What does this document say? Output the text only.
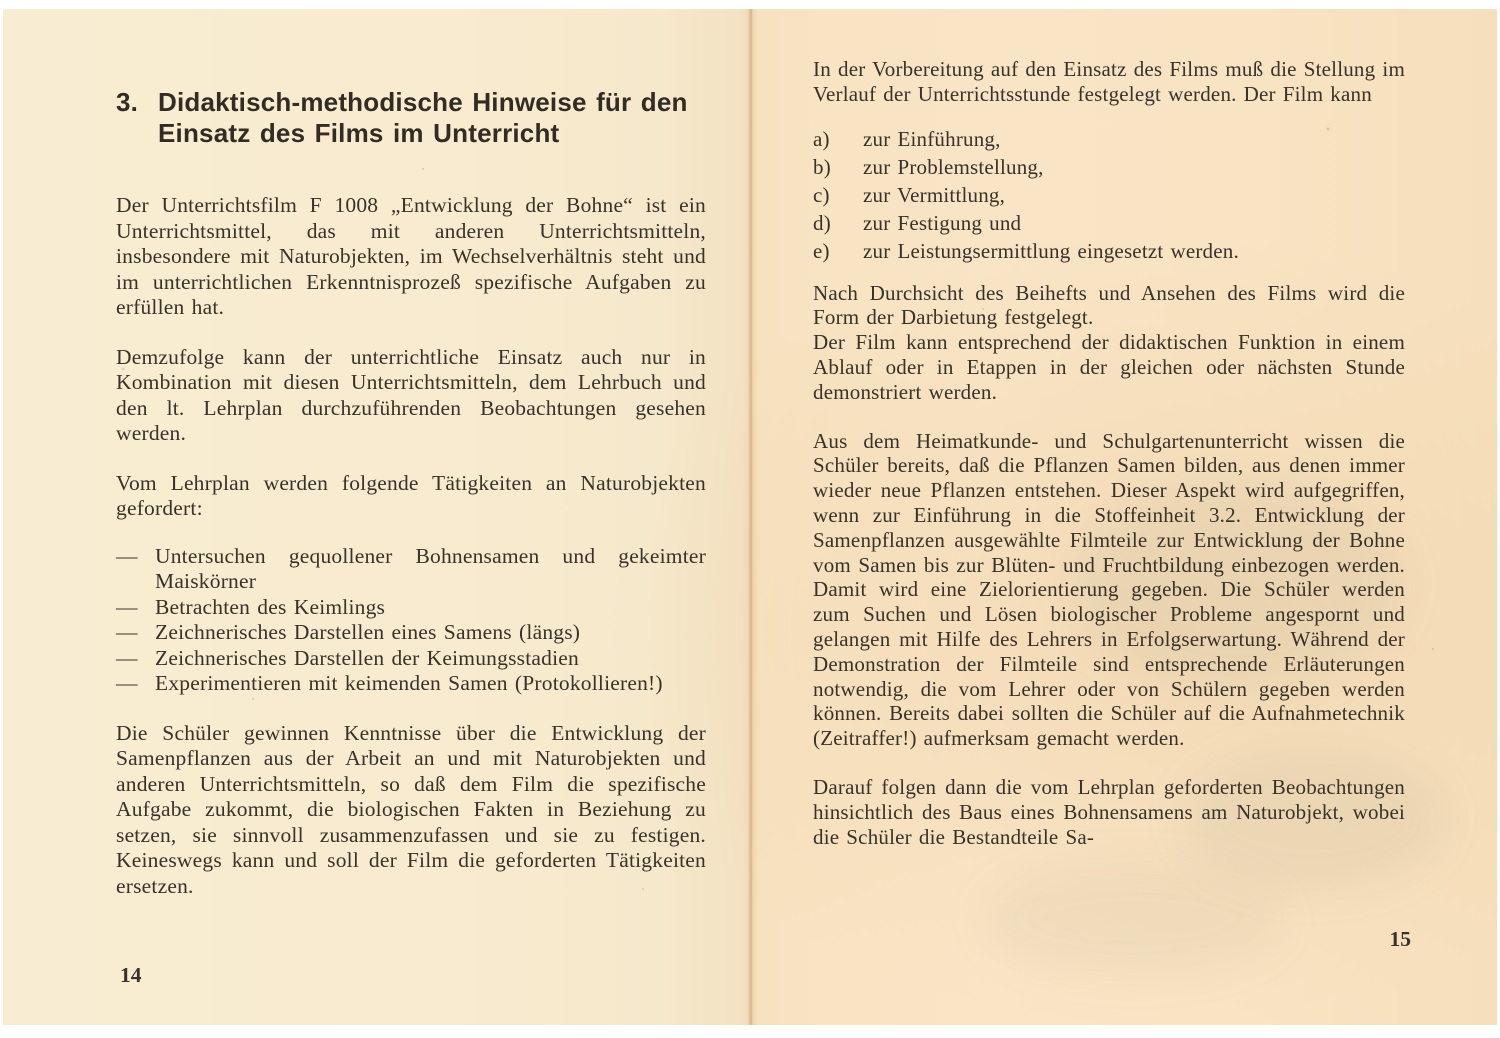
3. Didaktisch-methodische Hinweise für den
Einsatz des Films im Unterricht

Der Unterrichtsfilm F 1008 „Entwicklung der Bohne“ ist ein Unterrichtsmittel, das mit anderen Unterrichtsmitteln, insbesondere mit Naturobjekten, im Wechselverhältnis steht und im unterrichtlichen Erkenntnisprozeß spezifische Aufgaben zu erfüllen hat.

Demzufolge kann der unterrichtliche Einsatz auch nur in Kombination mit diesen Unterrichtsmitteln, dem Lehrbuch und den lt. Lehrplan durchzuführenden Beobachtungen gesehen werden.

Vom Lehrplan werden folgende Tätigkeiten an Naturobjekten gefordert:

— Untersuchen gequollener Bohnensamen und gekeimter Maiskörner
— Betrachten des Keimlings
— Zeichnerisches Darstellen eines Samens (längs)
— Zeichnerisches Darstellen der Keimungsstadien
— Experimentieren mit keimenden Samen (Protokollieren!)

Die Schüler gewinnen Kenntnisse über die Entwicklung der Samenpflanzen aus der Arbeit an und mit Naturobjekten und anderen Unterrichtsmitteln, so daß dem Film die spezifische Aufgabe zukommt, die biologischen Fakten in Beziehung zu setzen, sie sinnvoll zusammenzufassen und sie zu festigen. Keineswegs kann und soll der Film die geforderten Tätigkeiten ersetzen.

14

In der Vorbereitung auf den Einsatz des Films muß die Stellung im Verlauf der Unterrichtsstunde festgelegt werden. Der Film kann

a) zur Einführung,
b) zur Problemstellung,
c) zur Vermittlung,
d) zur Festigung und
e) zur Leistungsermittlung eingesetzt werden.

Nach Durchsicht des Beihefts und Ansehen des Films wird die Form der Darbietung festgelegt.

Der Film kann entsprechend der didaktischen Funktion in einem Ablauf oder in Etappen in der gleichen oder nächsten Stunde demonstriert werden.

Aus dem Heimatkunde- und Schulgartenunterricht wissen die Schüler bereits, daß die Pflanzen Samen bilden, aus denen immer wieder neue Pflanzen entstehen. Dieser Aspekt wird aufgegriffen, wenn zur Einführung in die Stoffeinheit 3.2. Entwicklung der Samenpflanzen ausgewählte Filmteile zur Entwicklung der Bohne vom Samen bis zur Blüten- und Fruchtbildung einbezogen werden. Damit wird eine Zielorientierung gegeben. Die Schüler werden zum Suchen und Lösen biologischer Probleme angespornt und gelangen mit Hilfe des Lehrers in Erfolgserwartung. Während der Demonstration der Filmteile sind entsprechende Erläuterungen notwendig, die vom Lehrer oder von Schülern gegeben werden können. Bereits dabei sollten die Schüler auf die Aufnahmetechnik (Zeitraffer!) aufmerksam gemacht werden.

Darauf folgen dann die vom Lehrplan geforderten Beobachtungen hinsichtlich des Baus eines Bohnensamens am Naturobjekt, wobei die Schüler die Bestandteile Sa-

15
